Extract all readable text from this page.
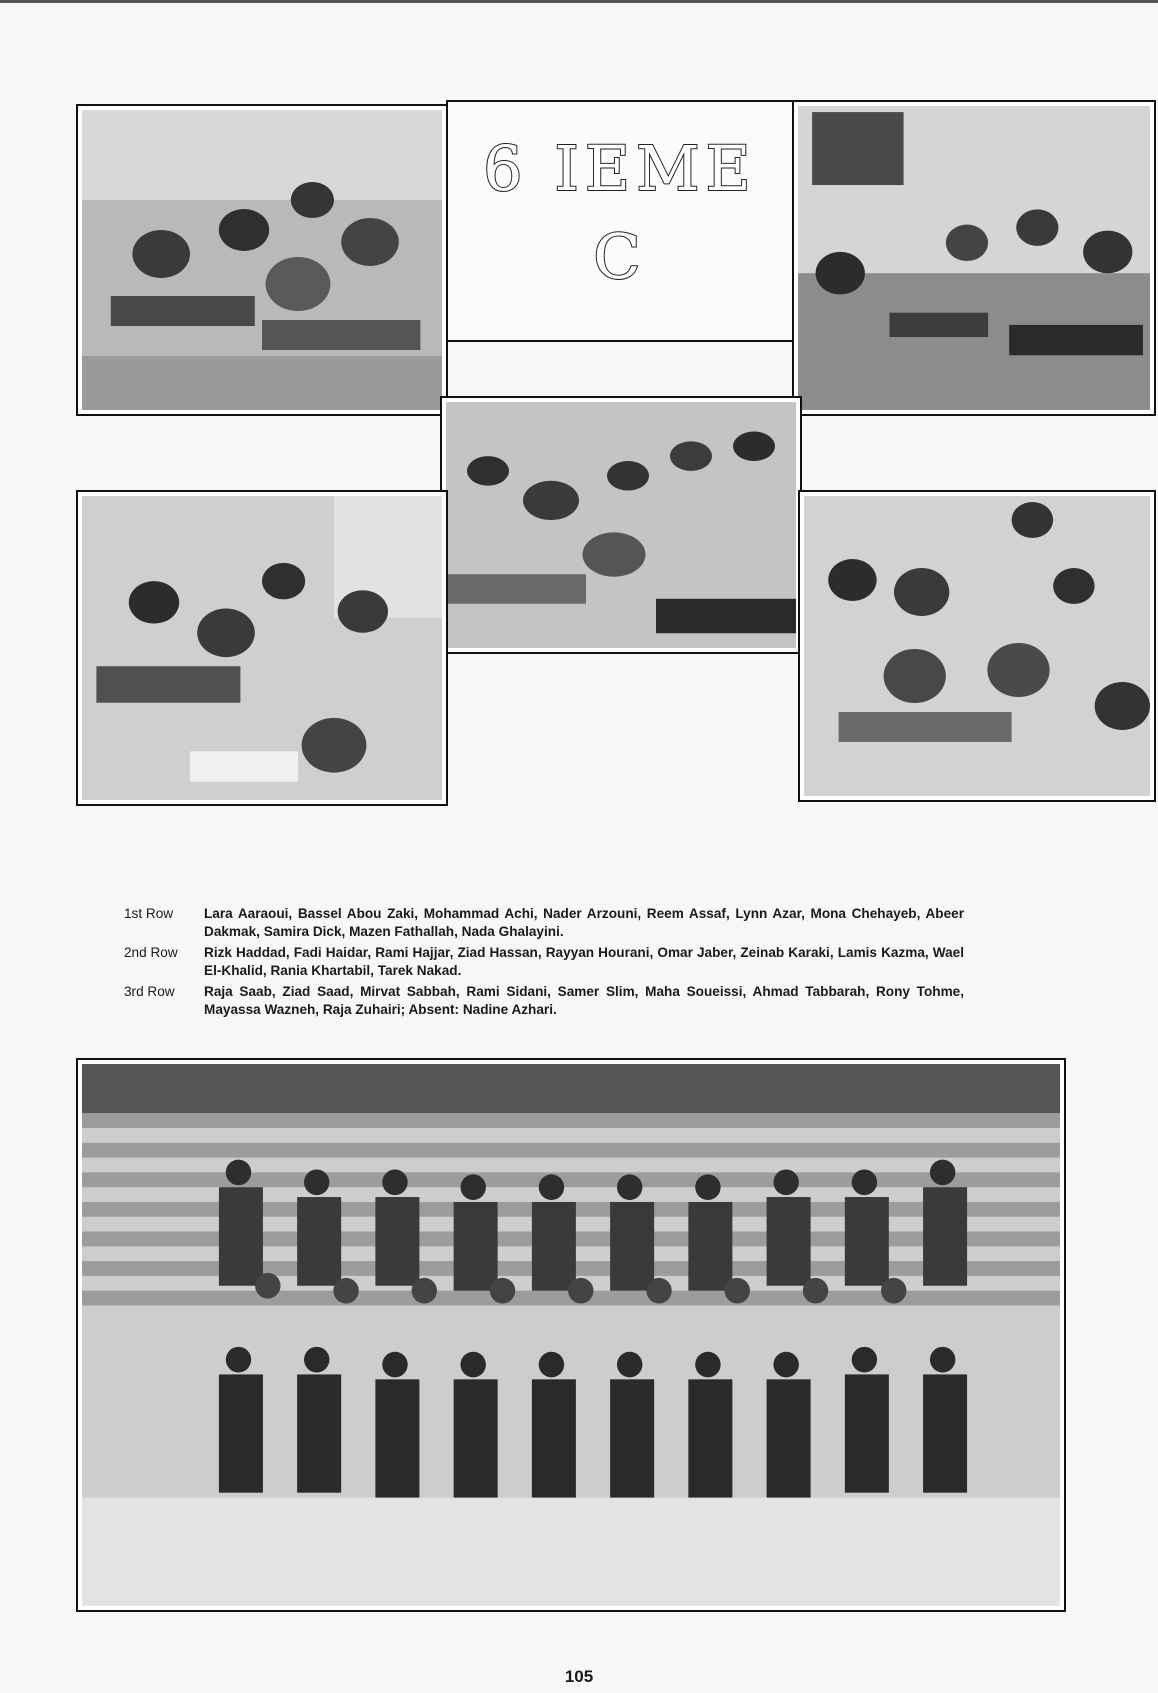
6 IEME
C
1st Row	Lara Aaraoui, Bassel Abou Zaki, Mohammad Achi, Nader Arzouni, Reem Assaf, Lynn Azar, Mona Chehayeb, Abeer Dakmak, Samira Dick, Mazen Fathallah, Nada Ghalayini.
2nd Row	Rizk Haddad, Fadi Haidar, Rami Hajjar, Ziad Hassan, Rayyan Hourani, Omar Jaber, Zeinab Karaki, Lamis Kazma, Wael El-Khalid, Rania Khartabil, Tarek Nakad.
3rd Row	Raja Saab, Ziad Saad, Mirvat Sabbah, Rami Sidani, Samer Slim, Maha Soueissi, Ahmad Tabbarah, Rony Tohme, Mayassa Wazneh, Raja Zuhairi; Absent: Nadine Azhari.
105
